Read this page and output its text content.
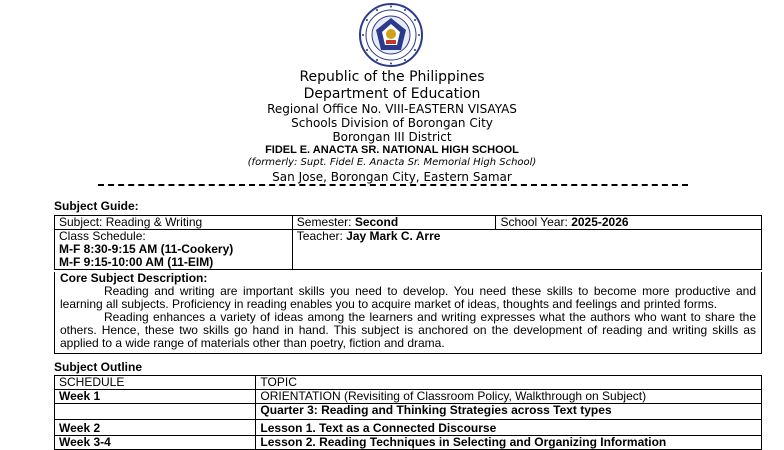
Republic of the Philippines
Department of Education
Regional Office No. VIII-EASTERN VISAYAS
Schools Division of Borongan City
Borongan III District
FIDEL E. ANACTA SR. NATIONAL HIGH SCHOOL
(formerly: Supt. Fidel E. Anacta Sr. Memorial High School)
San Jose, Borongan City, Eastern Samar
Subject Guide:
Subject: Reading & Writing	Semester: Second	School Year: 2025-2026

Class Schedule:
M-F 8:30-9:15 AM (11-Cookery)
M-F 9:15-10:00 AM (11-EIM)	Teacher: Jay Mark C. Arre	

Core Subject Description:

Reading and writing are important skills you need to develop. You need these skills to become more productive and learning all subjects. Proficiency in reading enables you to acquire market of ideas, thoughts and feelings and printed forms.

Reading enhances a variety of ideas among the learners and writing expresses what the authors who want to share the others. Hence, these two skills go hand in hand. This subject is anchored on the development of reading and writing skills as applied to a wide range of materials other than poetry, fiction and drama.

Subject Outline
SCHEDULE	TOPIC
Week 1	ORIENTATION (Revisiting of Classroom Policy, Walkthrough on Subject)
	Quarter 3: Reading and Thinking Strategies across Text types
Week 2	Lesson 1. Text as a Connected Discourse
Week 3-4	Lesson 2. Reading Techniques in Selecting and Organizing Information
